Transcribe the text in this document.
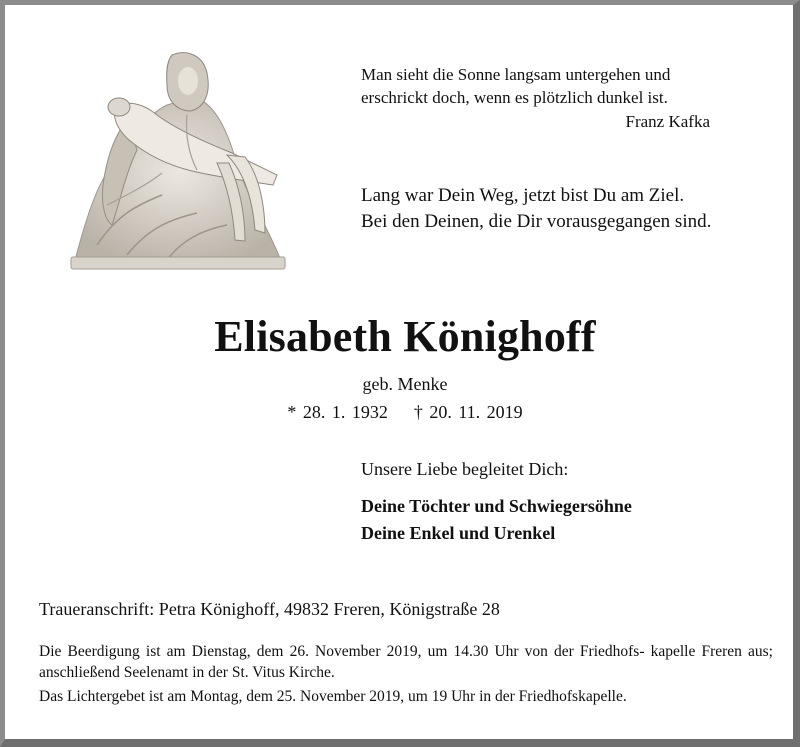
Man sieht die Sonne langsam untergehen und
erschrickt doch, wenn es plötzlich dunkel ist.
Franz Kafka
Lang war Dein Weg, jetzt bist Du am Ziel.
Bei den Deinen, die Dir vorausgegangen sind.
Elisabeth Könighoff
geb. Menke
* 28. 1. 1932 † 20. 11. 2019
Unsere Liebe begleitet Dich:
Deine Töchter und Schwiegersöhne
Deine Enkel und Urenkel
Traueranschrift: Petra Könighoff, 49832 Freren, Königstraße 28

Die Beerdigung ist am Dienstag, dem 26. November 2019, um 14.30 Uhr von der Friedhofs- kapelle Freren aus; anschließend Seelenamt in der St. Vitus Kirche.

Das Lichtergebet ist am Montag, dem 25. November 2019, um 19 Uhr in der Friedhofskapelle.
